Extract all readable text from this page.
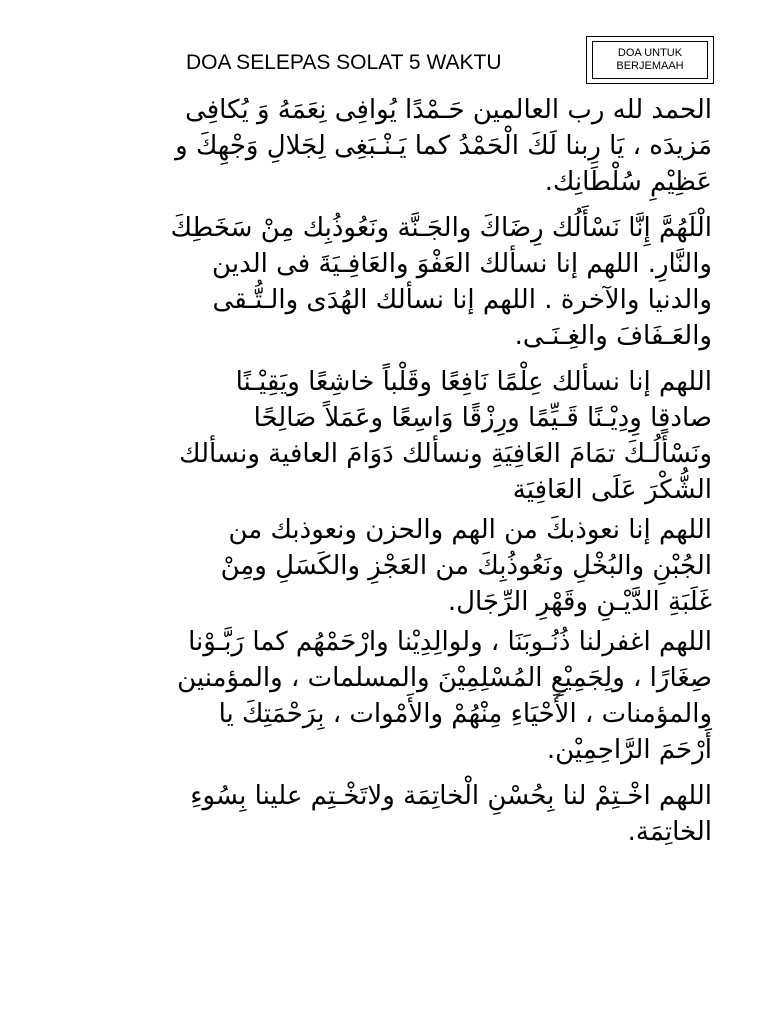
DOA SELEPAS SOLAT 5 WAKTU	DOA UNTUK
BERJEMAAH

الحمد لله رب العالمين حَـمْدًا يُوافِى نِعَمَهُ وَ يُكافِى
مَزيدَه ، يَا رِبنا لَكَ الْحَمْدُ كما يَـنْـبَغِى لِجَلالِ وَجْهِكَ و
عَظِيْمِ سُلْطَانِك.

الْلَهُمَّ إِنَّا نَسْأَلُك رِضَاكَ والجَـنَّة ونَعُوذُبِك مِنْ سَخَطِكَ
والنَّارِ. اللهم إنا نسألك العَفْوَ والعَافِـيَةَ فى الدين
والدنيا والآخرة . اللهم إنا نسألك الهُدَى والـتُّـقى
والعَـفَافَ والغِـنَـى.

اللهم إنا نسألك عِلْمًا نَافِعًا وقَلْباً خاشِعًا ويَقِيْـنًا
صادقِا وِدِيْـنًا قَـيِّمًا ورِزْقًا وَاسِعًا وعَمَلاً صَالِحًا
ونَسْأَلُـكَ تمَامَ العَافِيَةِ ونسألك دَوَامَ العافية ونسألك
الشُّكْرَ عَلَى العَافِيَة

اللهم إنا نعوذبكَ من الهم والحزن ونعوذبك من
الجُبْنِ والبُخْلِ ونَعُوذُبِكَ من العَجْزِ والكَسَلِ ومِنْ
غَلَبَةِ الدَّيْـنِ وقَهْرِ الرِّجَال.

اللهم اغفرلنا ذُنُـوبَنَا ، ولوالِدِيْنا وارْحَمْهُم كما رَبَّـوْنا
صِغَارًا ، ولِجَمِيْعِ المُسْلِمِيْنَ والمسلمات ، والمؤمنين
والمؤمنات ، الأَحْيَاءِ مِنْهُمْ والأَمْوات ، بِرَحْمَتِكَ يا
أَرْحَمَ الرَّاحِمِيْن.

اللهم اخْـتِمْ لنا بِحُسْنِ الْخاتِمَة ولاتَخْـتِم علينا بِسُوءِ
الخاتِمَة.
